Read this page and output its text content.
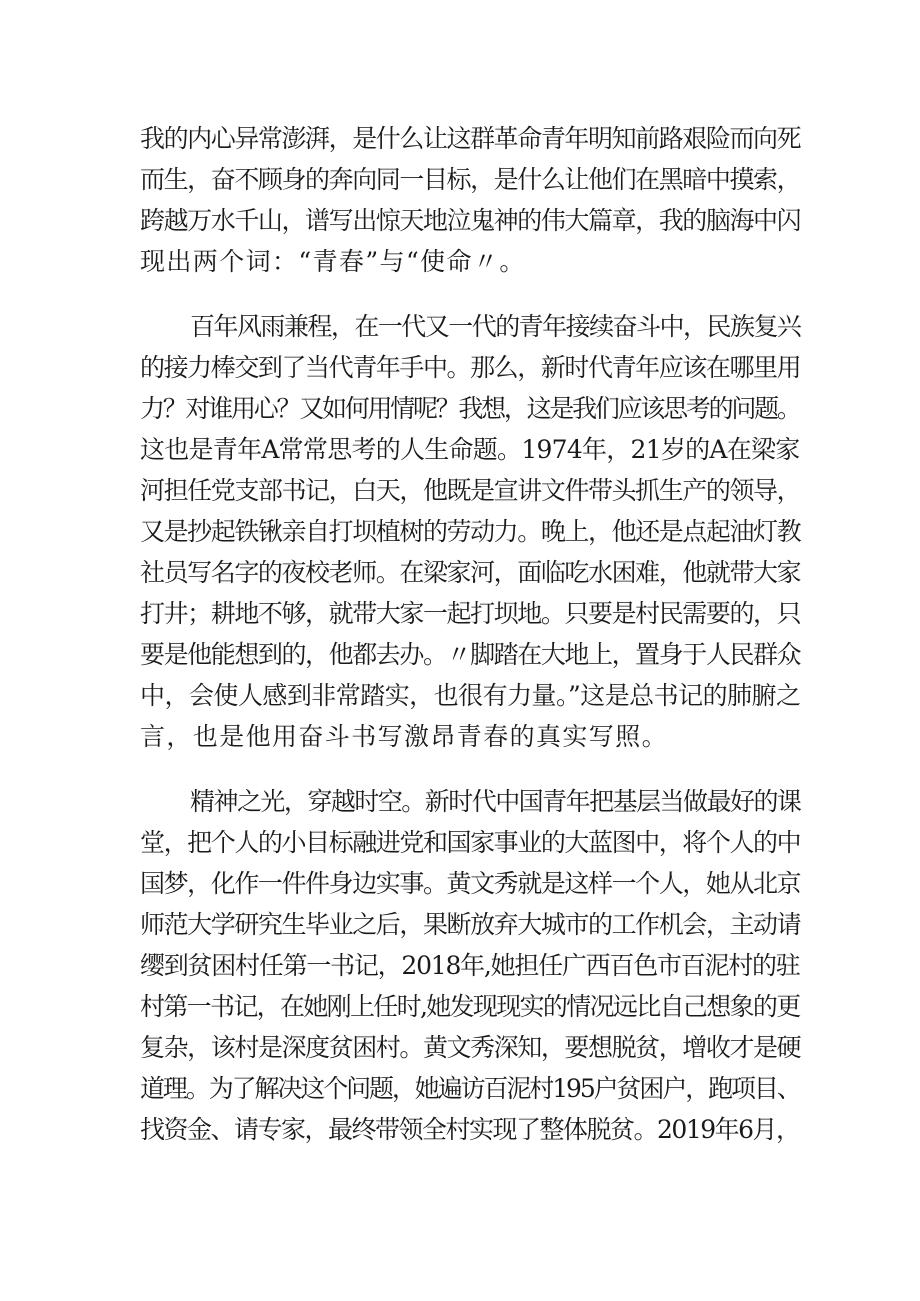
我的内心异常澎湃，是什么让这群革命青年明知前路艰险而向死
而生，奋不顾身的奔向同一目标，是什么让他们在黑暗中摸索，
跨越万水千山，谱写出惊天地泣鬼神的伟大篇章，我的脑海中闪
现出两个词：“青春”与“使命〃。
百年风雨兼程，在一代又一代的青年接续奋斗中，民族复兴
的接力棒交到了当代青年手中。那么，新时代青年应该在哪里用
力？对谁用心？又如何用情呢？我想，这是我们应该思考的问题。
这也是青年A常常思考的人生命题。1974年，21岁的A在梁家
河担任党支部书记，白天，他既是宣讲文件带头抓生产的领导，
又是抄起铁锹亲自打坝植树的劳动力。晚上，他还是点起油灯教
社员写名字的夜校老师。在梁家河，面临吃水困难，他就带大家
打井；耕地不够，就带大家一起打坝地。只要是村民需要的，只
要是他能想到的，他都去办。〃脚踏在大地上，置身于人民群众
中，会使人感到非常踏实，也很有力量。”这是总书记的肺腑之
言，也是他用奋斗书写激昂青春的真实写照。
精神之光，穿越时空。新时代中国青年把基层当做最好的课
堂，把个人的小目标融进党和国家事业的大蓝图中，将个人的中
国梦，化作一件件身边实事。黄文秀就是这样一个人，她从北京
师范大学研究生毕业之后，果断放弃大城市的工作机会，主动请
缨到贫困村任第一书记，2018年,她担任广西百色市百泥村的驻
村第一书记，在她刚上任时,她发现现实的情况远比自己想象的更
复杂，该村是深度贫困村。黄文秀深知，要想脱贫，增收才是硬
道理。为了解决这个问题，她遍访百泥村195户贫困户，跑项目、
找资金、请专家，最终带领全村实现了整体脱贫。2019年6月，
